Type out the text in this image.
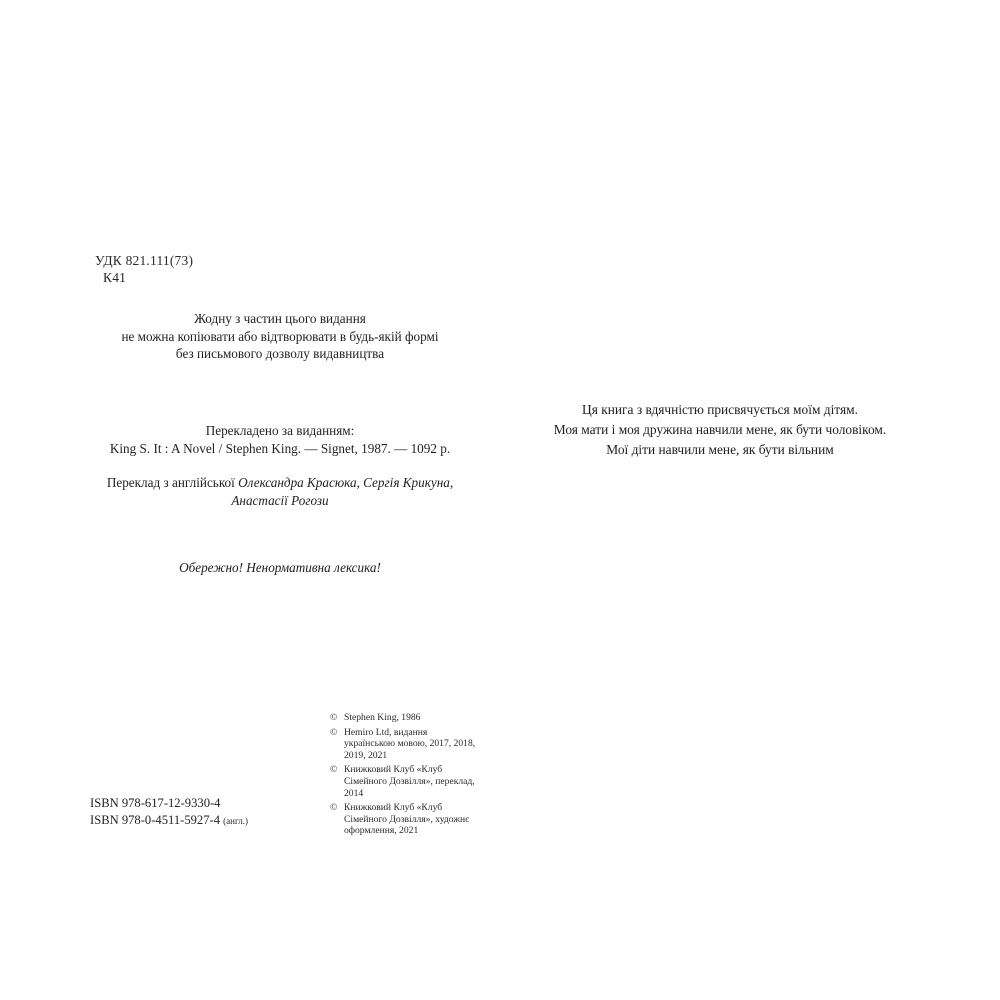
УДК 821.111(73)
К41
Жодну з частин цього видання
не можна копіювати або відтворювати в будь-якій формі
без письмового дозволу видавництва
Перекладено за виданням:
King S. It : A Novel / Stephen King. — Signet, 1987. — 1092 p.
Переклад з англійської Олександра Красюка, Сергія Крикуна,
Анастасії Рогози
Обережно! Ненормативна лексика!
© Stephen King, 1986
© Hemiro Ltd, видання українською мовою, 2017, 2018, 2019, 2021
© Книжковий Клуб «Клуб Сімейного Дозвілля», переклад, 2014
© Книжковий Клуб «Клуб Сімейного Дозвілля», художнє оформлення, 2021
ISBN 978-617-12-9330-4
ISBN 978-0-4511-5927-4 (англ.)
Ця книга з вдячністю присвячується моїм дітям.
Моя мати і моя дружина навчили мене, як бути чоловіком.
Мої діти навчили мене, як бути вільним
